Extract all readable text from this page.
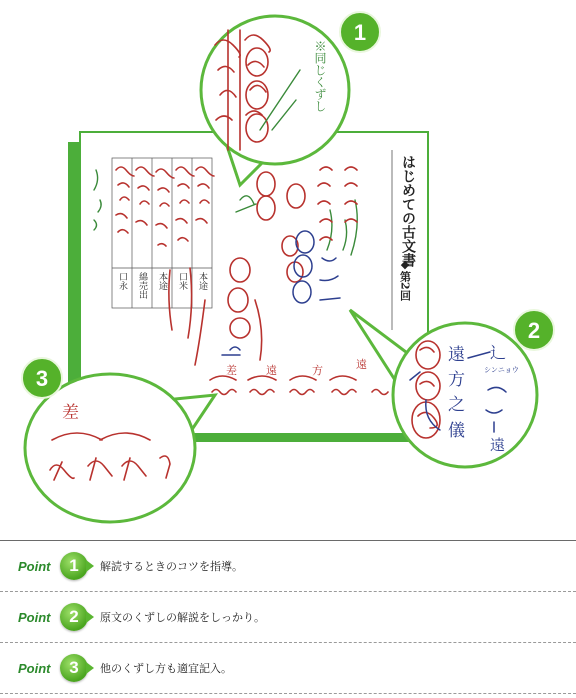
はじめての古文書
◆第2回
本途
口米
本途
綿売出
口永
差	遠	方	遠
※同じくずし
遠
方
之
儀
辶
シンニョウ
遠
差
1
2
3
Point	1	解読するときのコツを指導。
Point	2	原文のくずしの解説をしっかり。
Point	3	他のくずし方も適宜記入。
